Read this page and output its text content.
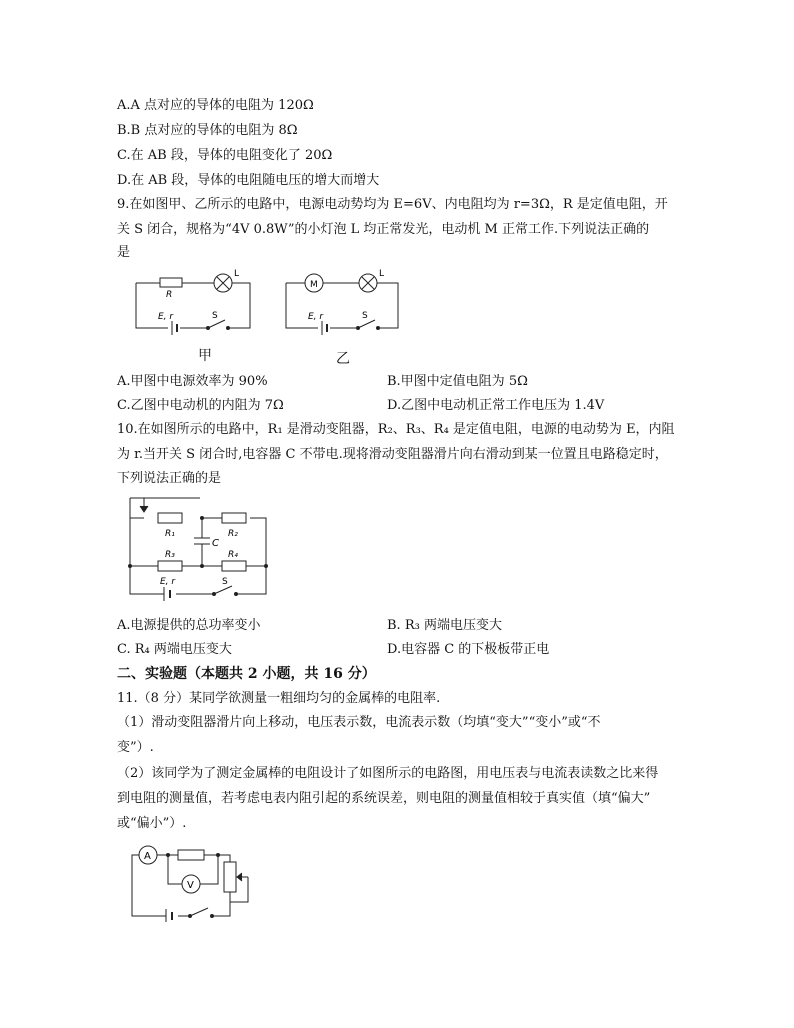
A.A 点对应的导体的电阻为 120Ω
B.B 点对应的导体的电阻为 8Ω
C.在 AB 段，导体的电阻变化了 20Ω
D.在 AB 段，导体的电阻随电压的增大而增大
9.在如图甲、乙所示的电路中，电源电动势均为 E=6V、内电阻均为 r=3Ω，R 是定值电阻，开
关 S 闭合，规格为“4V 0.8W”的小灯泡 L 均正常发光，电动机 M 正常工作.下列说法正确的
是
R
L
E, r	S
甲
M
L
E, r	S
乙
A.甲图中电源效率为 90%	B.甲图中定值电阻为 5Ω
C.乙图中电动机的内阻为 7Ω	D.乙图中电动机正常工作电压为 1.4V
10.在如图所示的电路中，R₁ 是滑动变阻器，R₂、R₃、R₄ 是定值电阻，电源的电动势为 E，内阻
为 r.当开关 S 闭合时,电容器 C 不带电.现将滑动变阻器滑片向右滑动到某一位置且电路稳定时，
下列说法正确的是
R₁	R₂
C
R₃	R₄
E, r	S
A.电源提供的总功率变小	B. R₃ 两端电压变大
C. R₄ 两端电压变大	D.电容器 C 的下极板带正电
二、实验题（本题共 2 小题，共 16 分）
11.（8 分）某同学欲测量一粗细均匀的金属棒的电阻率.
（1）滑动变阻器滑片向上移动，电压表示数，电流表示数（均填“变大”“变小”或“不
变”）.
（2）该同学为了测定金属棒的电阻设计了如图所示的电路图，用电压表与电流表读数之比来得
到电阻的测量值，若考虑电表内阻引起的系统误差，则电阻的测量值相较于真实值（填“偏大”
或“偏小”）.
A
V
